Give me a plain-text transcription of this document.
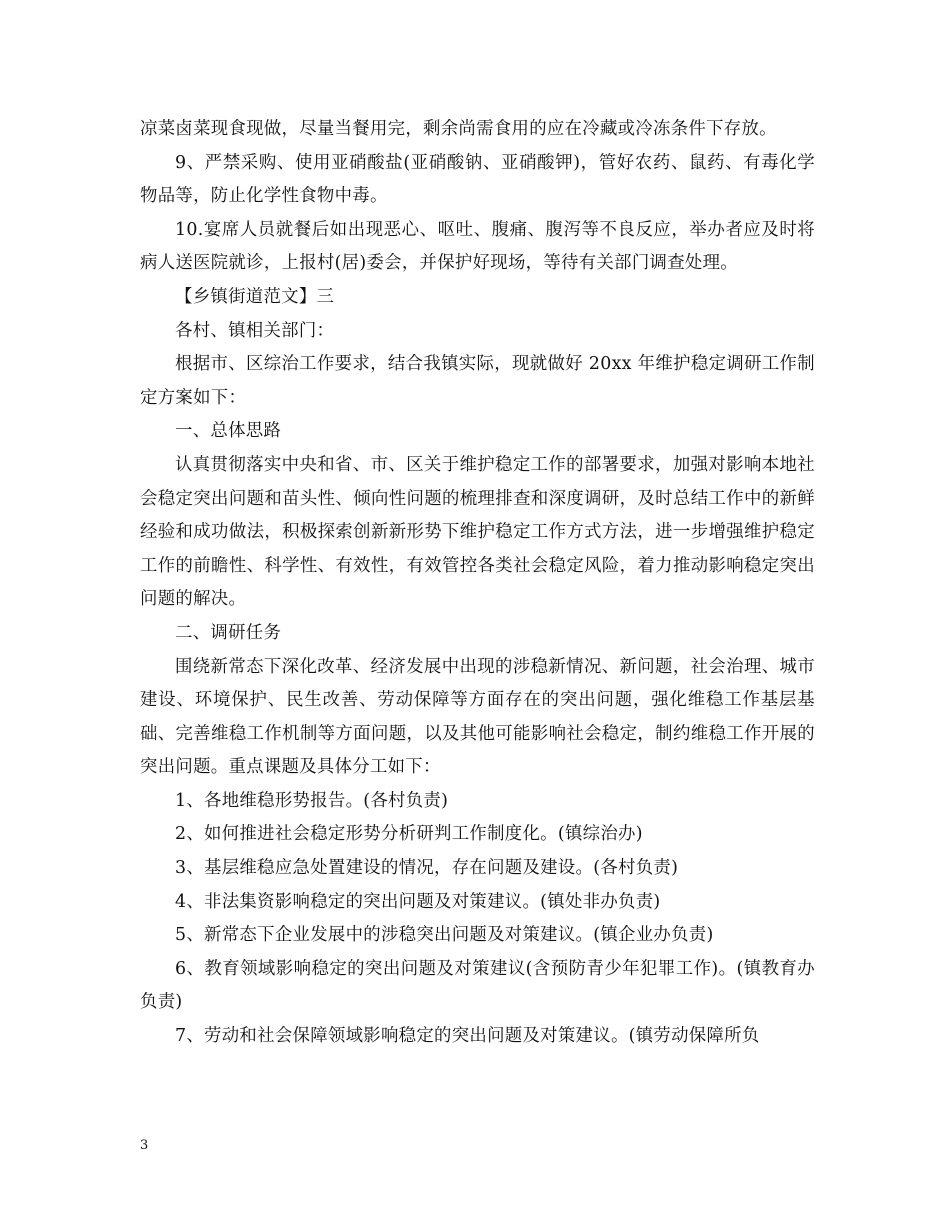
凉菜卤菜现食现做，尽量当餐用完，剩余尚需食用的应在冷藏或冷冻条件下存放。

9、严禁采购、使用亚硝酸盐(亚硝酸钠、亚硝酸钾)，管好农药、鼠药、有毒化学物品等，防止化学性食物中毒。

10.宴席人员就餐后如出现恶心、呕吐、腹痛、腹泻等不良反应，举办者应及时将病人送医院就诊，上报村(居)委会，并保护好现场，等待有关部门调查处理。

【乡镇街道范文】三

各村、镇相关部门：

根据市、区综治工作要求，结合我镇实际，现就做好 20xx 年维护稳定调研工作制定方案如下：

一、总体思路

认真贯彻落实中央和省、市、区关于维护稳定工作的部署要求，加强对影响本地社会稳定突出问题和苗头性、倾向性问题的梳理排查和深度调研，及时总结工作中的新鲜经验和成功做法，积极探索创新新形势下维护稳定工作方式方法，进一步增强维护稳定工作的前瞻性、科学性、有效性，有效管控各类社会稳定风险，着力推动影响稳定突出问题的解决。

二、调研任务

围绕新常态下深化改革、经济发展中出现的涉稳新情况、新问题，社会治理、城市建设、环境保护、民生改善、劳动保障等方面存在的突出问题，强化维稳工作基层基础、完善维稳工作机制等方面问题，以及其他可能影响社会稳定，制约维稳工作开展的突出问题。重点课题及具体分工如下：

1、各地维稳形势报告。(各村负责)

2、如何推进社会稳定形势分析研判工作制度化。(镇综治办)

3、基层维稳应急处置建设的情况，存在问题及建设。(各村负责)

4、非法集资影响稳定的突出问题及对策建议。(镇处非办负责)

5、新常态下企业发展中的涉稳突出问题及对策建议。(镇企业办负责)

6、教育领域影响稳定的突出问题及对策建议(含预防青少年犯罪工作)。(镇教育办负责)

7、劳动和社会保障领域影响稳定的突出问题及对策建议。(镇劳动保障所负

3
